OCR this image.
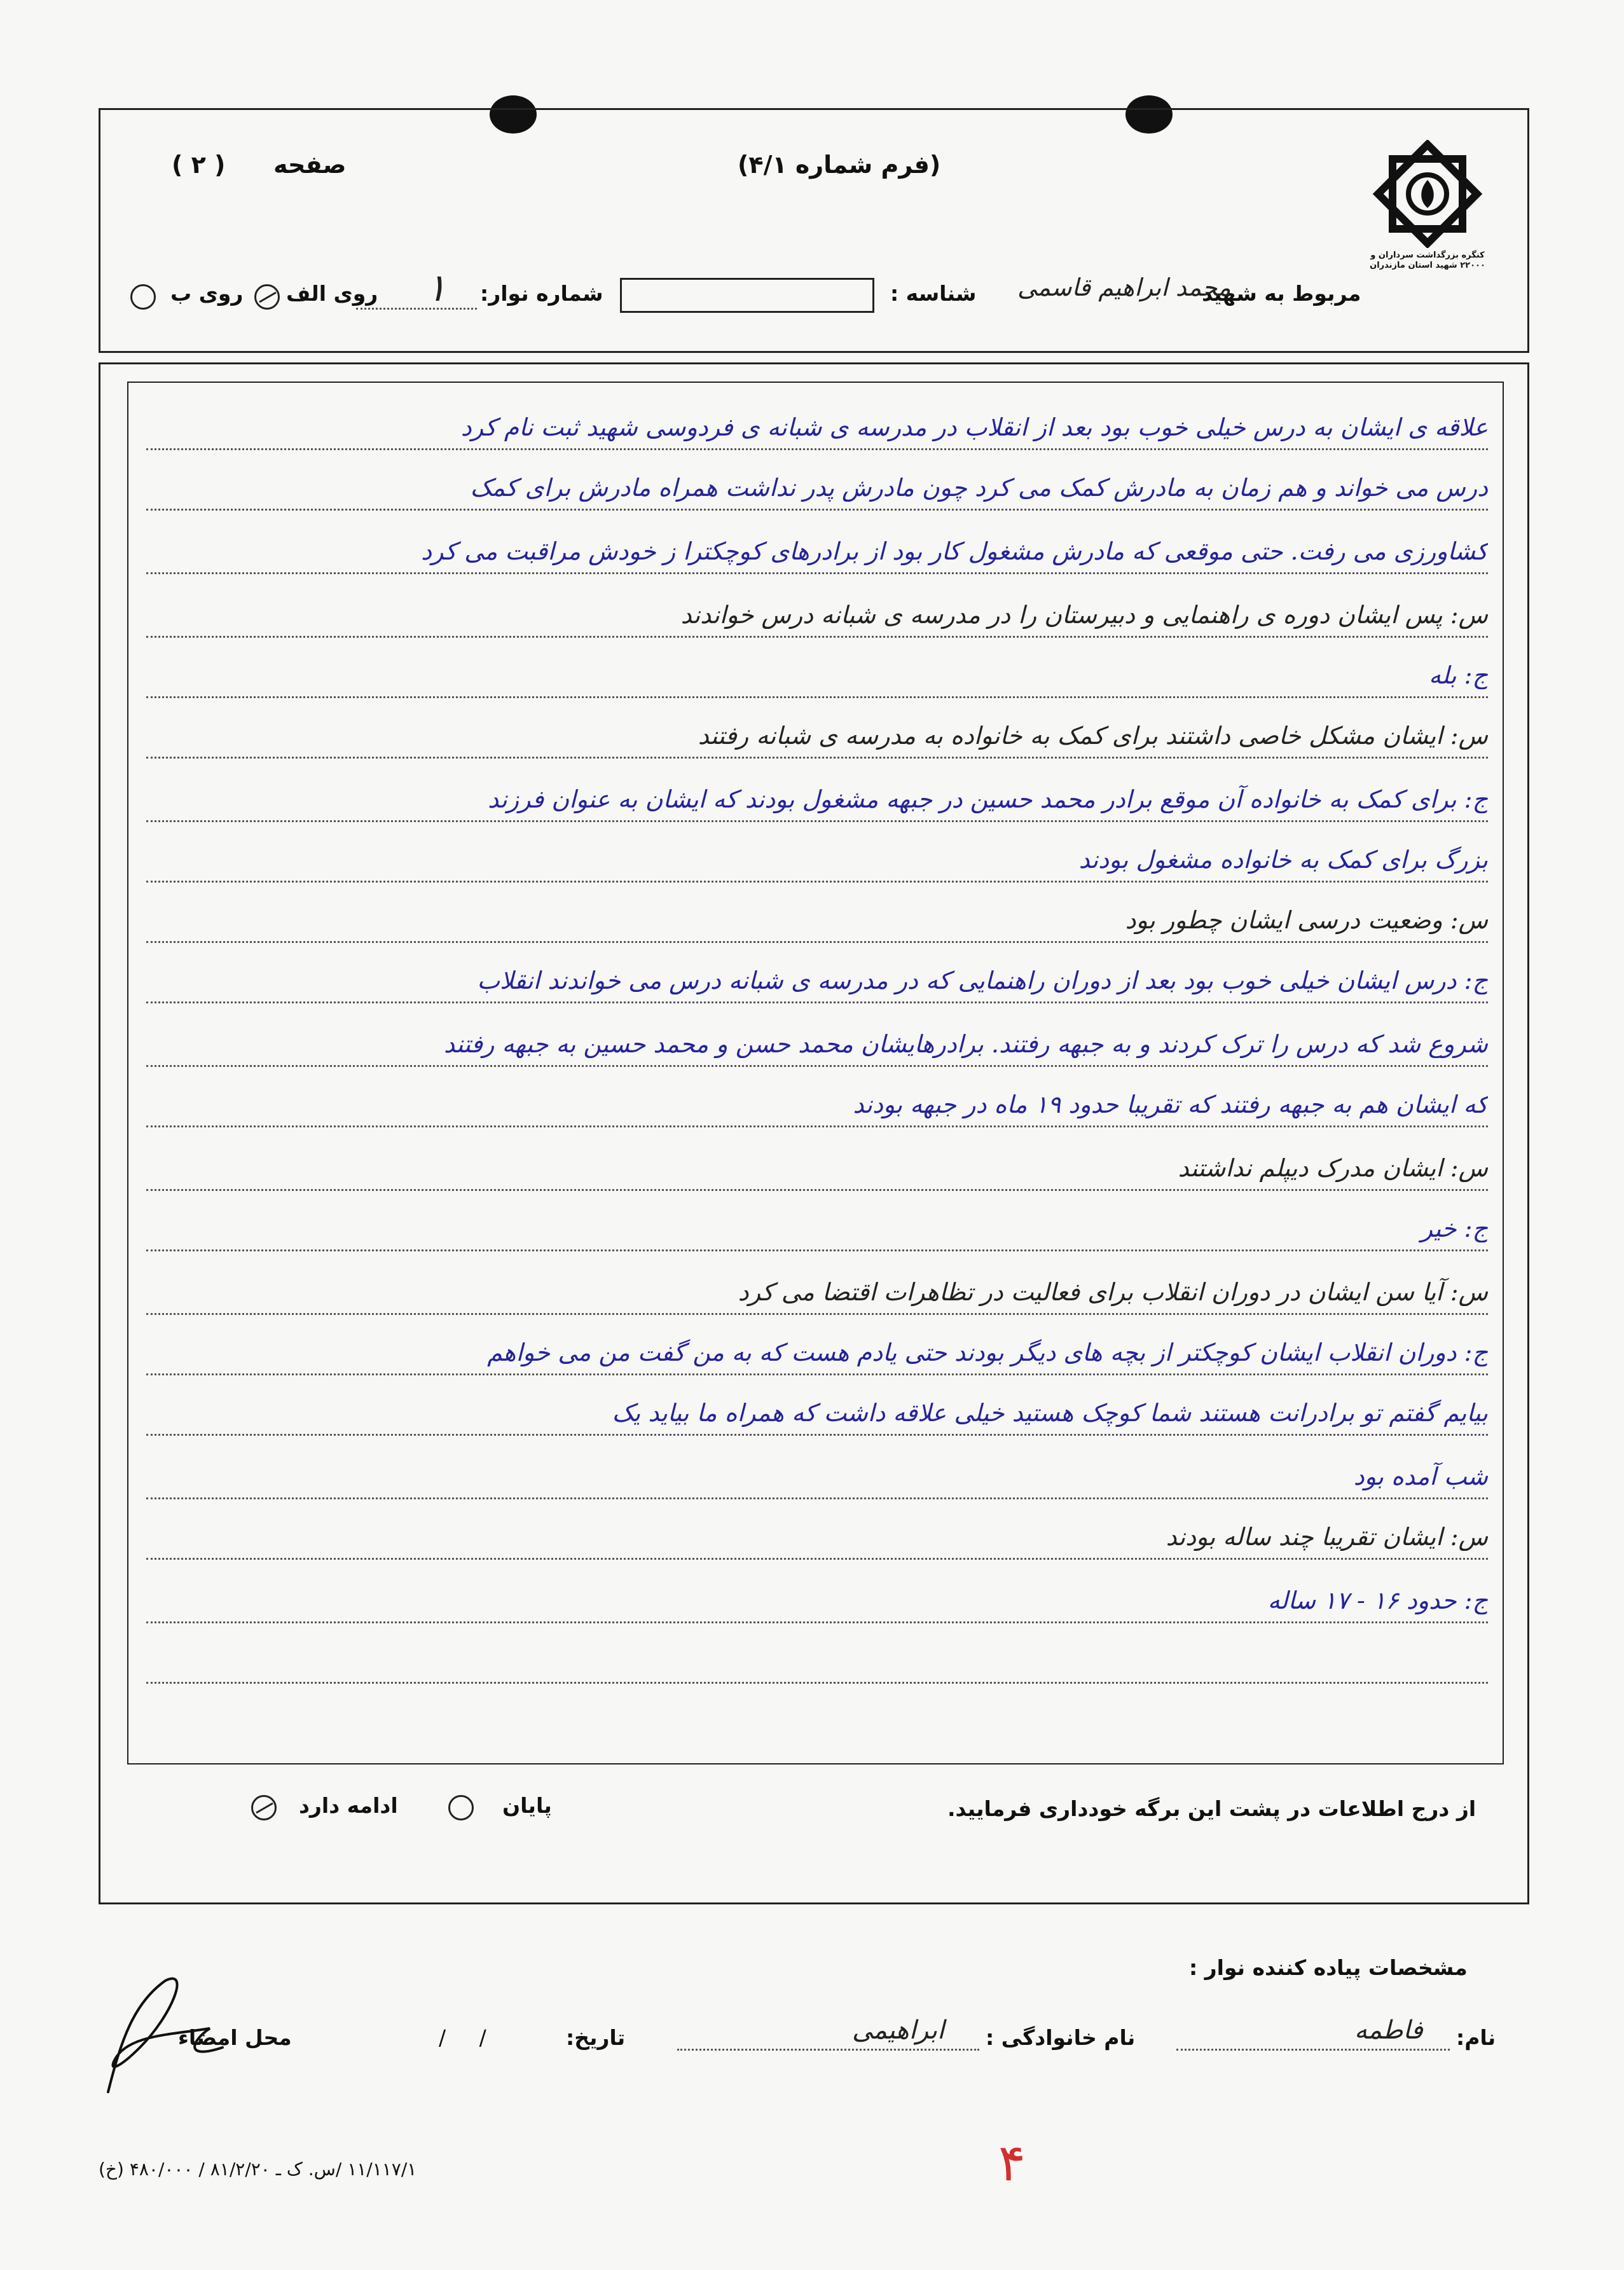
صفحه
( ۲ )	(فرم شماره ۴/۱)
کنگره بزرگداشت سرداران و ۲۲۰۰۰ شهید استان مازندران
مربوط به شهید
محمد ابراهیم قاسمی
شناسه :
شماره نوار:
۱
روی الف
روی ب
علاقه ی ایشان به درس خیلی خوب بود بعد از انقلاب در مدرسه ی شبانه ی فردوسی شهید ثبت نام کرد
درس می خواند و هم زمان به مادرش کمک می کرد چون مادرش پدر نداشت همراه مادرش برای کمک
کشاورزی می رفت. حتی موقعی که مادرش مشغول کار بود از برادرهای کوچکترا ز خودش مراقبت می کرد
س: پس ایشان دوره ی راهنمایی و دبیرستان را در مدرسه ی شبانه درس خواندند
ج: بله
س: ایشان مشکل خاصی داشتند برای کمک به خانواده به مدرسه ی شبانه رفتند
ج: برای کمک به خانواده آن موقع برادر محمد حسین در جبهه مشغول بودند که ایشان به عنوان فرزند
بزرگ برای کمک به خانواده مشغول بودند
س: وضعیت درسی ایشان چطور بود
ج: درس ایشان خیلی خوب بود بعد از دوران راهنمایی که در مدرسه ی شبانه درس می خواندند انقلاب
شروع شد که درس را ترک کردند و به جبهه رفتند. برادرهایشان محمد حسن و محمد حسین به جبهه رفتند
که ایشان هم به جبهه رفتند که تقریبا حدود ۱۹ ماه در جبهه بودند
س: ایشان مدرک دیپلم نداشتند
ج: خیر
س: آیا سن ایشان در دوران انقلاب برای فعالیت در تظاهرات اقتضا می کرد
ج: دوران انقلاب ایشان کوچکتر از بچه های دیگر بودند حتی یادم هست که به من گفت من می خواهم
بیایم گفتم تو برادرانت هستند شما کوچک هستید خیلی علاقه داشت که همراه ما بیاید یک
شب آمده بود
س: ایشان تقریبا چند ساله بودند
ج: حدود ۱۶ - ۱۷ ساله
از درج اطلاعات در پشت این برگه خودداری فرمایید.
پایان
ادامه دارد
مشخصات پیاده کننده نوار :
نام:
فاطمه
نام خانوادگی :
ابراهیمی
تاریخ:
/     /
محل امضاء
۱۱/۱۱۷/۱ /س. ک ـ ۸۱/۲/۲۰ / ۴۸۰/۰۰۰ (خ)	۴
